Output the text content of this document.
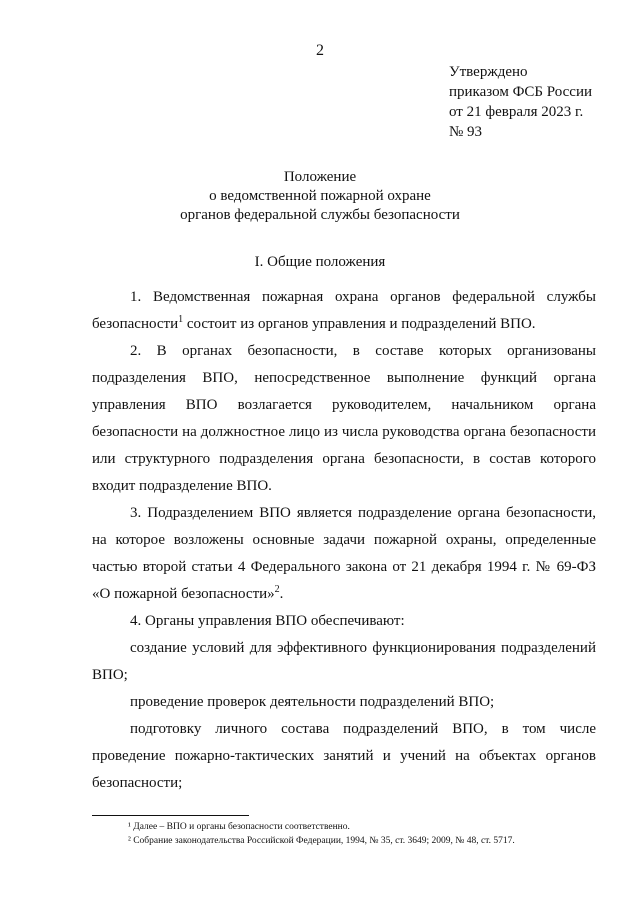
2
Утверждено
приказом ФСБ России
от 21 февраля 2023 г.
№ 93
Положение
о ведомственной пожарной охране
органов федеральной службы безопасности
I. Общие положения

1. Ведомственная пожарная охрана органов федеральной службы безопасности$^1$ состоит из органов управления и подразделений ВПО.

2. В органах безопасности, в составе которых организованы подразделения ВПО, непосредственное выполнение функций органа управления ВПО возлагается руководителем, начальником органа безопасности на должностное лицо из числа руководства органа безопасности или структурного подразделения органа безопасности, в состав которого входит подразделение ВПО.

3. Подразделением ВПО является подразделение органа безопасности, на которое возложены основные задачи пожарной охраны, определенные частью второй статьи 4 Федерального закона от 21 декабря 1994 г. № 69-ФЗ «О пожарной безопасности»$^2$.

4. Органы управления ВПО обеспечивают:

создание условий для эффективного функционирования подразделений ВПО;

проведение проверок деятельности подразделений ВПО;

подготовку личного состава подразделений ВПО, в том числе проведение пожарно-тактических занятий и учений на объектах органов безопасности;

¹ Далее – ВПО и органы безопасности соответственно.
² Собрание законодательства Российской Федерации, 1994, № 35, ст. 3649; 2009, № 48, ст. 5717.
